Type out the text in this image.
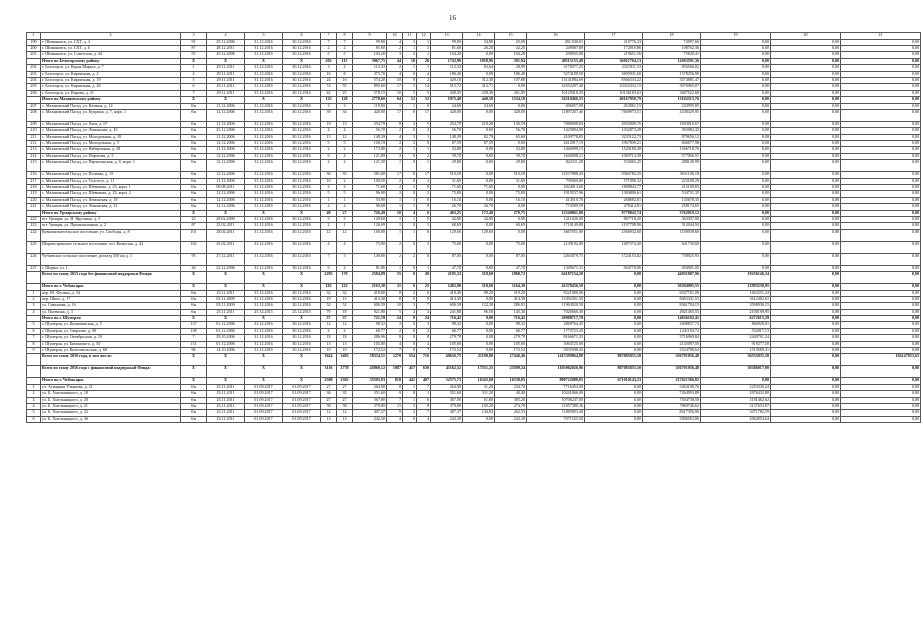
16
1	2	3	4	5	6	7	8	9	10	11	12	13	14	15	16	17	18	19	20	21
199	г. Шимановск, ул. СХТ, д. 4	91	29.12.2006	31.12.2016	30.12.2016	7	7	99,80	4	3	1	99,80	34,80	25,00	282 840,01	210776,33	72097,66	0,00	0,00	0,00
200	г. Шимановск, ул. СХТ, д. 6	87	28.12.2011	31.12.2016	30.12.2016	2	2	81,60	2	1	1	81,60	26,20	42,20	249087,80	172010,86	108762,36	0,00	0,00	0,00
201	г. Шимановск, ул. Советская, д. 44	55	29.12.2006	31.12.2016	30.12.2016	5	5	104,20	3	2	1	104,20	0,00	104,20	290835,00	219651,56	75828,41	0,00	0,00	0,00
	Итого по Белогорскому району	Х	Х	Х	Х	202	115	3067,75	44	18	26	1742,90	1058,96	591,94	49115155,49	36021764,13	12693591,36	0,00	0,00	0,00
202	г. Белогорск, ул. Карла Маркса, д. 7	1	29.11.2011	31.12.2016	30.12.2016	3	2	112,33	2	1	1	112,33	83,64	28,89	3178377,25	2321811,33	856566,02	0,00	0,00	0,00
203	г. Белогорск, ул. Кирпичная, д. 2	4	29.11.2011	31.12.2016	30.12.2016	16	8	375,70	4	0	4	186,40	0,00	186,40	5274188,50	3695931,60	1578256,90	0,00	0,00	0,00
204	г. Белогорск, ул. Кирпичная, д. 19	5	29.11.2011	31.12.2016	30.12.2016	24	16	574,20	10	8	2	420,10	312,30	107,80	13141884,69	8566333,22	3574881,47	0,00	0,00	0,00
205	г. Белогорск, ул. Кирпичная, д. 26	6	29.11.2011	31.12.2016	30.12.2016	74	55	895,60	17	3	14	515,72	312,71	0,00	14552297,40	10343332,15	3076965,07	0,00	0,00	0,00
206	г. Белогорск, ул. Кирова, д. 21	7	29.11.2011	31.12.2016	30.12.2016	42	25	578,15	10	5	5	449,35	238,30	261,05	10125010,25	10136183,63	3467522,60	0,00	0,00	0,00
	Итого по Мазановскому району	Х	Х	Х	Х	135	128	2770,60	64	12	52	1975,40	440,50	1534,10	54310466,55	40167950,79	13162515,76	0,00	0,00	0,00
207	с. Мазановский Пасад, ул. Казачья, д. 14	б/н	11.12.2006	31.12.2016	30.12.2016	3	3	110,00	1	1	0	24,60	24,60	0,00	696057,00	452061,15	243995,85	0,00	0,00	0,00
208	с. Мазановский Пасад, ул. Куприна, д. 7, корп. 1	б/н	12.12.2006	31.12.2016	30.12.2016	39	34	420,00	17	0	17	428,00	0,00	428,00	11897207,46	7668973,51	4338329,95	0,00	0,00	0,00
209	с. Мазановский Пасад, ул. Лапа, д. 67	б/н	11.12.2006	31.12.2016	30.12.2016	19	15	254,79	8	3	5	254,79	218,20	136,59	7080698,83	4935809,76	1693916,67	0,00	0,00	0,00
210	с. Мазановский Пасад, ул. Ленинская, д. 45	б/н	25.12.2006	31.12.2016	30.12.2016	4	4	56,70	2	0	2	56,70	0,00	56,70	1425894,90	1032873,49	392982,42	0,00	0,00	0,00
211	с. Мазановский Пасад, ул. Молодежная, д. 18	б/н	11.12.2006	31.12.2016	30.12.2016	13	12	148,39	4	3	1	148,39	82,79	65,60	4109778,85	3235122,73	879656,12	0,00	0,00	0,00
212	с. Мазановский Пасад, ул. Молодежная, д. 5	б/н	12.12.2006	31.12.2016	30.12.2016	5	5	100,19	2	2	0	87,59	87,59	0,00	2612917,19	1967839,21	846077,98	0,00	0,00	0,00
213	с. Мазановский Пасад, ул. Набережная, д. 28	б/н	11.12.2006	31.12.2016	30.12.2016	2	2	173,80	2	1	1	52,80	0,00	52,80	1466999,15	1520180,38	1566718,76	0,00	0,00	0,00
214	с. Мазановский Пасад, ул. Пирогова, д. 5	б/н	12.12.2006	31.12.2016	30.12.2016	6	4	121,89	3	0	2	59,70	0,00	59,70	1646008,21	1069714,39	577066,91	0,00	0,00	0,00
215	с. Мазановский Пасад, ул. Партизанская, д. 8, корп. 1	б/н	12.12.2006	31.12.2016	30.12.2016	2	2	121,50	1	0	1	29,80	0,00	29,80	822311,28	533065,25	288149,99	0,00	0,00	0,00
216	с. Мазановский Пасад, ул. Полевая, д. 15	б/н	12.12.2006	31.12.2016	30.12.2016	36	35	581,60	17	0	17	510,59	0,00	510,59	12537888,43	9366782,25	3631106,18	0,00	0,00	0,00
217	с. Мазановский Пасад, ул. Толстого, д. 11	б/н	11.12.2006	31.12.2016	30.12.2016	10	2	108,50	2	0	2	31,60	0,00	31,60	795060,80	571996,32	223168,29	0,00	0,00	0,00
218	с. Мазановский Пасад, ул. Шевченко, д. 23, корп. 1	б/н	09.08.2011	31.12.2016	30.12.2016	2	2	71,60	2	2	0	71,60	71,60	0,00	2024013,60	1808843,77	215169,83	0,00	0,00	0,00
219	с. Мазановский Пасад, ул. Шевченко, д. 23, корп. 2	б/н	12.12.2006	31.12.2016	30.12.2016	5	5	96,90	2	0	2	75,80	0,00	75,80	1919537,96	1384806,61	534731,35	0,00	0,00	0,00
220	с. Мазановский Пасад, ул. Ленинская, д. 18	б/н	12.12.2006	31.12.2016	30.12.2016	1	1	53,90	1	1	0	16,10	0,00	16,10	414510,76	268682,81	145678,35	0,00	0,00	0,00
221	с. Мазановский Пасад, ул. Ленинская, д. 21	б/н	12.12.2006	31.12.2016	30.12.2016	2	2	96,68	1	1	0	26,70	26,70	0,00	774589,59	478414,81	258174,65	0,00	0,00	0,00
	Итого по Урмарскому району	Х	Х	Х	Х	49	27	726,49	10	4	6	463,25	172,40	270,75	12540061,86	8778042,74	3762019,12	0,00	0,00	0,00
222	пгт Урмары, ул. И. Ярусника, д. 5	23	28.02.2009	31.12.2016	30.12.2016	3	3	129,60	1	1	0	42,80	42,80	0,00	1211026,00	867718,20	363307,80	0,00	0,00	0,00
223	пгт Урмары, ул. Промышленная, д. 2	87	23.02.2011	31.12.2016	30.12.2016	2	1	126,69	1	0	1	60,69	0,00	60,69	1710149,80	1197708,86	512044,94	0,00	0,00	0,00
224	Кувшинскоесельское поселение, ул. Свободы, д. 8	101	28.02.2011	31.12.2016	30.12.2016	12	12	169,00	1	1	0	129,60	129,60	0,00	3667051,00	2566932,60	1100039,60	0,00	0,00	0,00
225	Шоркистринское сельское поселение, пгт. Кшаугаш, д. 42	102	25.02.2011	31.12.2016	30.12.2016	4	4	75,00	2	0	2	75,60	0,00	75,60	2139102,00	1497374,40	641730,60	0,00	0,00	0,00
226	Чубаевское сельское поселение, разъезд 550 км д. 1	95	27.12.2011	31.12.2016	30.12.2016	7	5	149,80	2	2	0	87,05	0,00	87,05	2463079,75	1724153,82	738925,93	0,00	0,00	0,00
227	г. Шорки, ул. 1	26	22.12.2006	31.12.2016	30.12.2016	6	2	81,86	1	0	1	47,70	0,00	47,70	1349671,31	944770,06	404901,05	0,00	0,00	0,00
	Всего по этапу 2015 года без финансовой поддержки Фонда:	Х	Х	Х	Х	2293	179	2584,89	55	6	49	2195,32	318,60	1860,72	64187154,20	0,00	44931007,96	19256146,24	0,00	0,00
	Итого по г. Чебоксары	Х	Х	Х	Х	182	122	2163,30	31	6	25	1482,90	318,60	1164,30	41279436,50	0,00	30294905,55	12983530,95	0,00	0,00
1	пер. Ю. Фучика, д. 34	б/н	23.11.2011	31.12.2016	30.12.2016	32	32	418,00	8	2	6	418,40	99,20	319,20	8221000,06	0,00	6547761,00	1663251,24	0,00	0,00
2	пер. Школ, д. 17	б/н	03.11.2009	31.12.2016	30.12.2016	19	13	414,30	8	0	8	414,30	0,00	414,30	11092451,50	0,00	8463341,51	3612482,61	0,00	0,00
3	ул. Симонова, д. 16	б/н	03.11.2009	31.12.2016	30.12.2016	52	52	606,59	10	3	7	606,59	122,30	286,81	11963020,50	0,00	8361794,15	3598936,15	0,00	0,00
4	ул. Пасекина, д. 3	б/н	23.11.2011	25.12.2015	25.12.2015	79	18	921,80	5	2	3	241,80	96,50	145,30	7020666,30	0,00	4921465,55	2100199,95	0,00	0,00
	Итого по г. Шумерля	Х	Х	Х	Х	57	57	721,59	24	0	24	716,42	0,00	716,42	20908717,70	0,00	14636102,41	6272615,29	0,00	0,00
5	г. Шумерля, ул. Кумашинская, д. 5	137	01.12.2006	31.12.2016	30.12.2016	12	12	98,32	3	0	3	98,32	0,00	98,32	2869764,45	0,00	2008837,74	860928,81	0,00	0,00
6	г. Шумерля, ул. Сверлова, д. 90	138	01.12.2006	31.12.2016	30.12.2016	4	4	60,77	2	0	2	60,77	0,00	60,77	1773723,45	0,00	1241104,72	532017,13	0,00	0,00
7	г. Шумерля, ул. Октябрьская, д. 19	7	29.10.2006	31.12.2016	30.12.2016	18	18	286,96	8	0	8	279,79	0,00	279,79	8166671,35	0,00	5716969,84	2449701,24	0,00	0,00
8	г. Шумерля, ул. Бичинского, д. 50	151	01.12.2006	31.12.2016	30.12.2016	13	13	105,00	4	0	4	105,00	0,00	105,00	3064725,00	0,00	2145097,50	919277,50	0,00	0,00
9	г. Шумерля, ул. Комсомольская, д. 68	96	14.10.2006	31.12.2016	30.12.2016	10	10	172,52	7	0	7	172,52	0,00	172,52	5035598,45	0,00	3524708,64	1510589,41	0,00	0,00
	Всего по этапу 2016 года, в том числе:	Х	Х	Х	Х	3624	3493	58334,51	1270	554	716	49636,75	21190,88	27446,46	1415399864,88	807085855,50	356791056,48	56535035,50	0,00	194147853,65
	Всего по этапу 2016 года с финансовой поддержкой Фонда:	Х	Х	Х	Х	3116	2778	45860,12	1087	457	630	41162,52	17551,25	23509,24	1105062026,96	807085855,50	356791056,48	30386017,00	0,00	0,00
	Итого по г. Чебоксары	Х	Х	Х	Х	2508	2302	35503,93	818	441	407	32575,73	16345,68	16330,05	890722080,05	671010143,23	217621366,82	0,00	0,00	0,00
1	ул. Асмарина Ульянова, д. 21	б/н	23.11.2011	01.09.2017	01.09.2017	27	27	264,90	8	1	7	264,90	31,20	234,70	7716454,00	0,00	5463108,76	2253345,24	0,00	0,00
2	ул. Б. Хмельницкого, д. 18	б/н	23.11.2011	01.09.2017	01.09.2017	36	35	351,60	9	8	1	351,60	311,20	40,40	10241066,00	0,00	7264993,89	2976432,80	0,00	0,00
3	ул. Б. Хмельницкого, д. 20	б/н	23.11.2011	01.09.2017	01.09.2017	27	27	367,00	7	1	6	367,00	61,80	305,20	10706247,00	0,00	7504738,58	3181462,62	0,00	0,00
4	ул. Б. Хмельницкого, д. 21	б/н	23.11.2011	01.09.2017	01.09.2017	58	58	379,00	11	3	8	379,00	105,20	274,70	11057380,36	0,00	7869746,62	3137633,87	0,00	0,00
5	ул. Б. Хмельницкого, д. 22	б/н	23.11.2011	01.09.2017	01.09.2017	12	12	407,37	9	2	7	407,37	144,84	262,53	11885893,40	0,00	8417356,96	3471782,59	0,00	0,00
6	ул. Б. Хмельницкого, д. 36	б/н	23.11.2011	01.09.2017	01.09.2017	13	13	242,30	4	0	4	242,30	0,00	242,30	7071525,50	0,00	5006563,86	2064954,64	0,00	0,00
